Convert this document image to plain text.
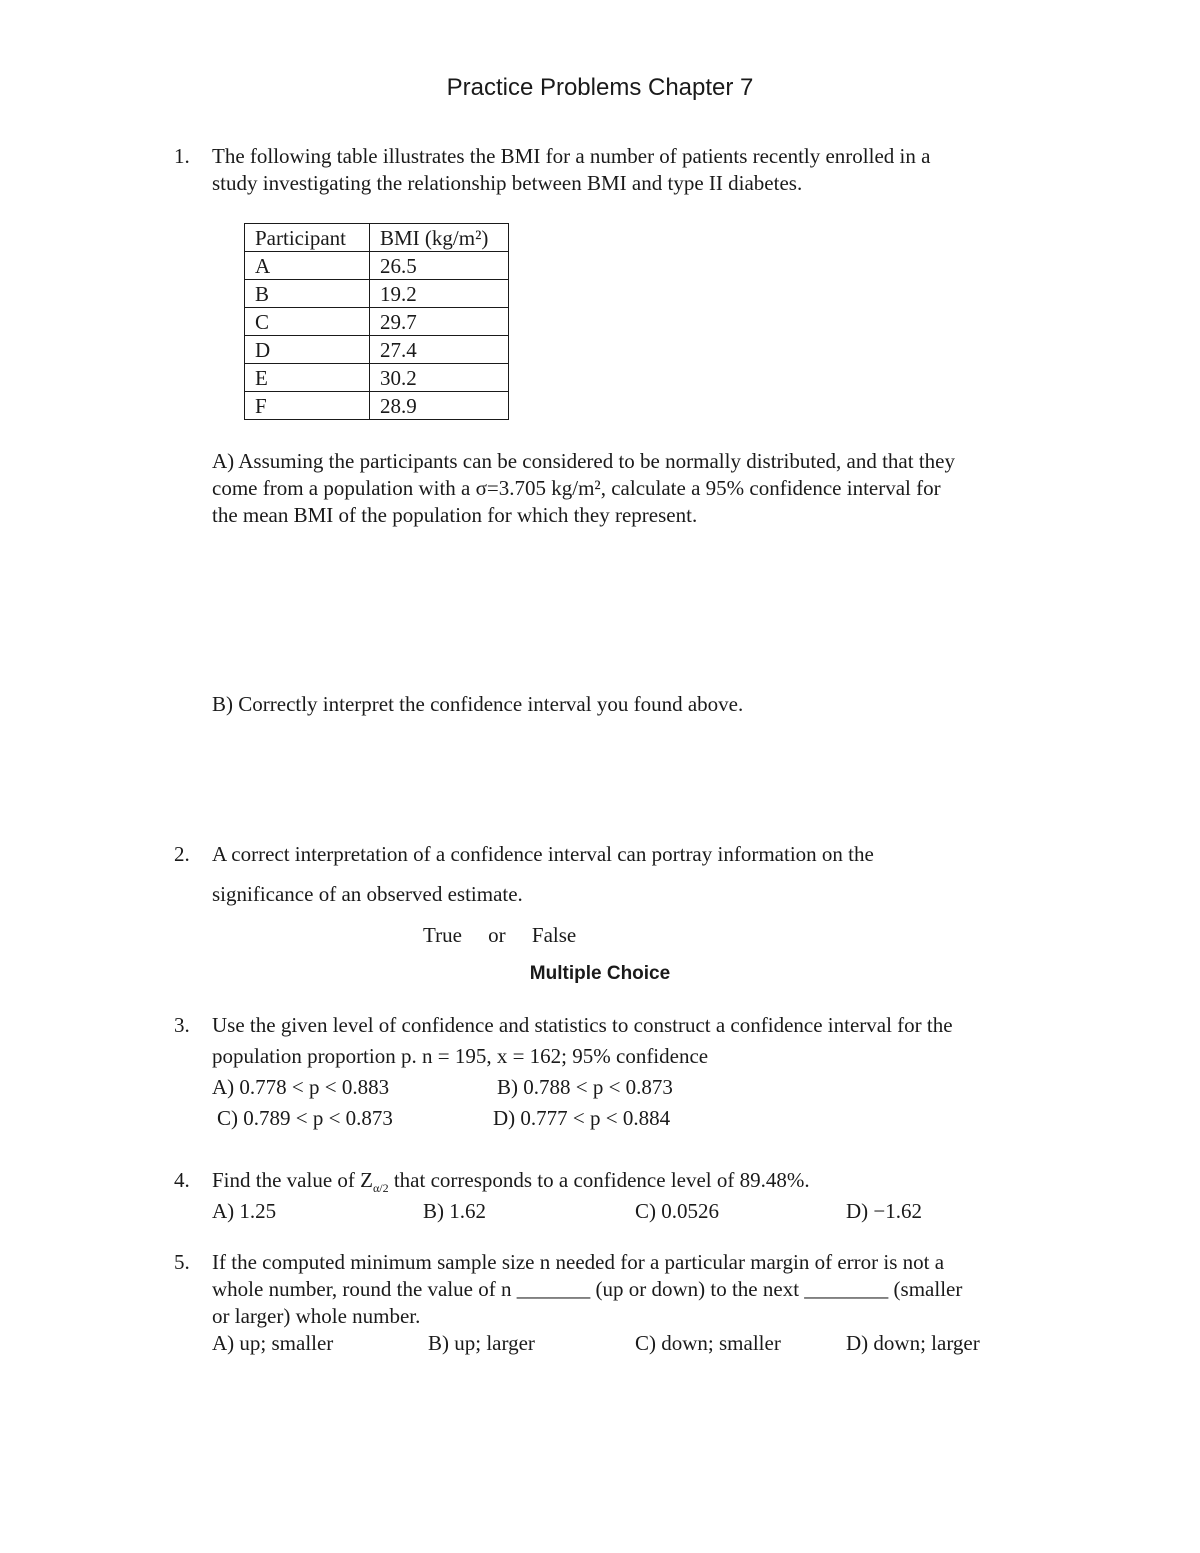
Practice Problems Chapter 7
1. The following table illustrates the BMI for a number of patients recently enrolled in a
study investigating the relationship between BMI and type II diabetes.
Participant	BMI (kg/m²)
A	26.5
B	19.2
C	29.7
D	27.4
E	30.2
F	28.9
A) Assuming the participants can be considered to be normally distributed, and that they
come from a population with a σ=3.705 kg/m², calculate a 95% confidence interval for
the mean BMI of the population for which they represent.
B) Correctly interpret the confidence interval you found above.
2. A correct interpretation of a confidence interval can portray information on the
significance of an observed estimate.
True     or     False
Multiple Choice
3. Use the given level of confidence and statistics to construct a confidence interval for the
population proportion p. n = 195, x = 162; 95% confidence
A) 0.778 < p < 0.883	B) 0.788 < p < 0.873
C) 0.789 < p < 0.873	D) 0.777 < p < 0.884
4. Find the value of $Z_{\alpha/2}$ that corresponds to a confidence level of 89.48%.
A) 1.25	B) 1.62	C) 0.0526	D) −1.62
5. If the computed minimum sample size n needed for a particular margin of error is not a
whole number, round the value of n _______ (up or down) to the next ________ (smaller
or larger) whole number.
A) up; smaller	B) up; larger	C) down; smaller	D) down; larger
